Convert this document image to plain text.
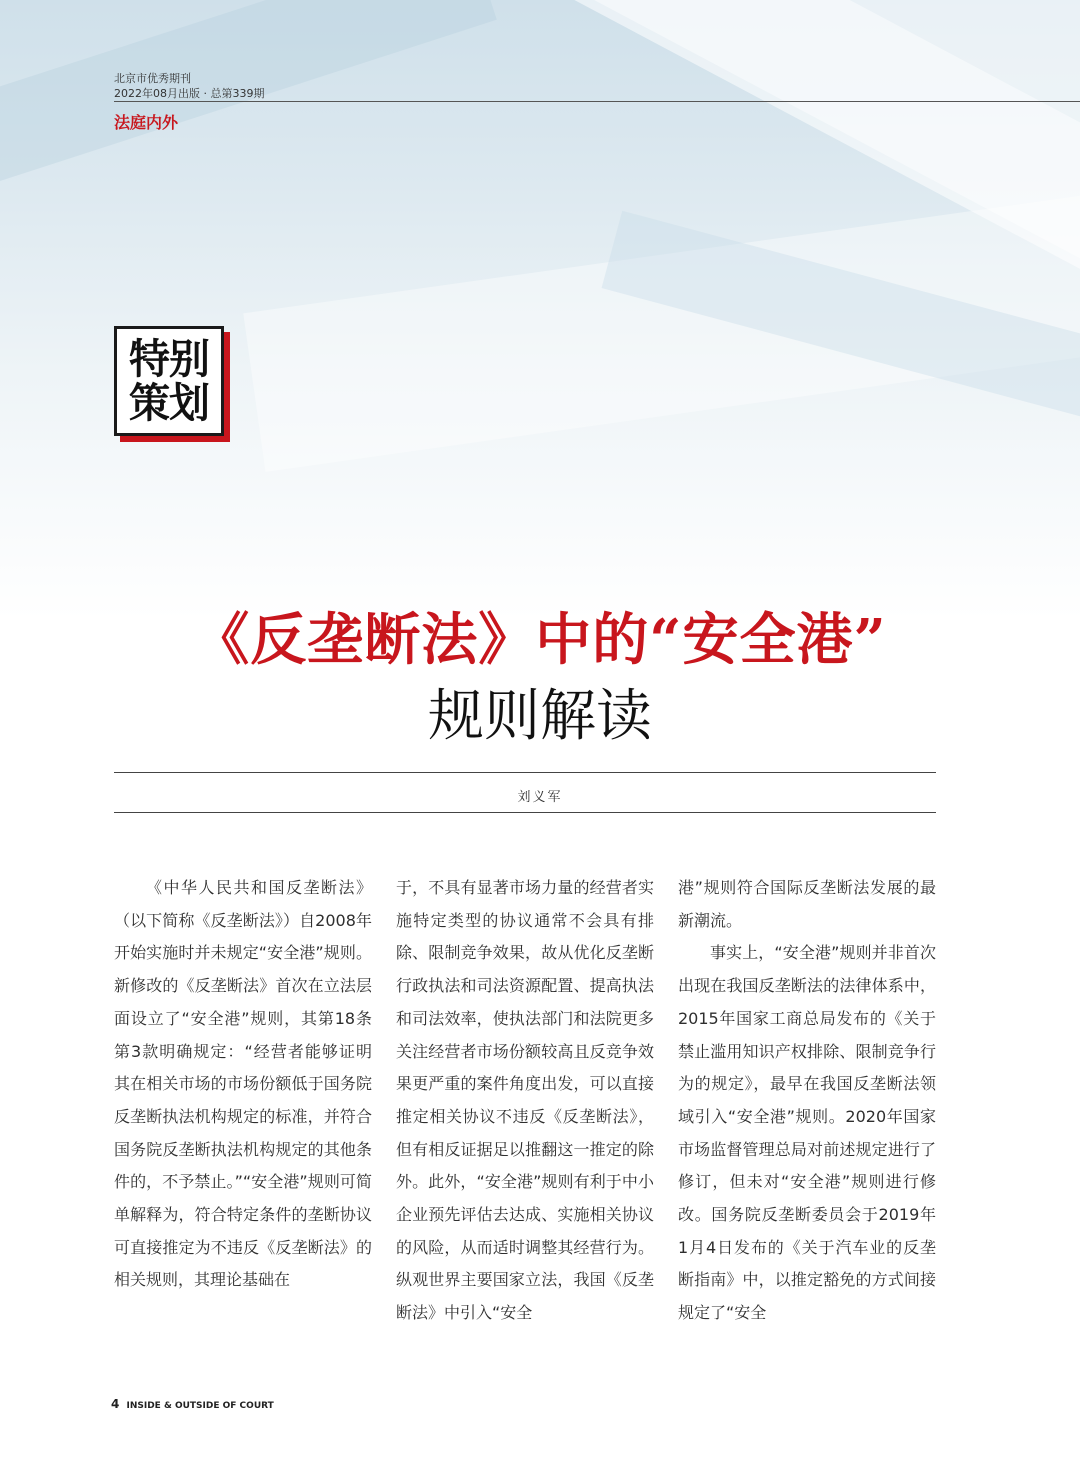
北京市优秀期刊
2022年08月出版 · 总第339期
法庭内外
特别
策划
《反垄断法》中的“安全港”
规则解读
刘义军

《中华人民共和国反垄断法》（以下简称《反垄断法》）自2008年开始实施时并未规定“安全港”规则。新修改的《反垄断法》首次在立法层面设立了“安全港”规则，其第18条第3款明确规定：“经营者能够证明其在相关市场的市场份额低于国务院反垄断执法机构规定的标准，并符合国务院反垄断执法机构规定的其他条件的，不予禁止。”“安全港”规则可简单解释为，符合特定条件的垄断协议可直接推定为不违反《反垄断法》的相关规则，其理论基础在

于，不具有显著市场力量的经营者实施特定类型的协议通常不会具有排除、限制竞争效果，故从优化反垄断行政执法和司法资源配置、提高执法和司法效率，使执法部门和法院更多关注经营者市场份额较高且反竞争效果更严重的案件角度出发，可以直接推定相关协议不违反《反垄断法》，但有相反证据足以推翻这一推定的除外。此外，“安全港”规则有利于中小企业预先评估去达成、实施相关协议的风险，从而适时调整其经营行为。纵观世界主要国家立法，我国《反垄断法》中引入“安全

港”规则符合国际反垄断法发展的最新潮流。

事实上，“安全港”规则并非首次出现在我国反垄断法的法律体系中，2015年国家工商总局发布的《关于禁止滥用知识产权排除、限制竞争行为的规定》，最早在我国反垄断法领域引入“安全港”规则。2020年国家市场监督管理总局对前述规定进行了修订，但未对“安全港”规则进行修改。国务院反垄断委员会于2019年1月4日发布的《关于汽车业的反垄断指南》中，以推定豁免的方式间接规定了“安全

4 INSIDE & OUTSIDE OF COURT
